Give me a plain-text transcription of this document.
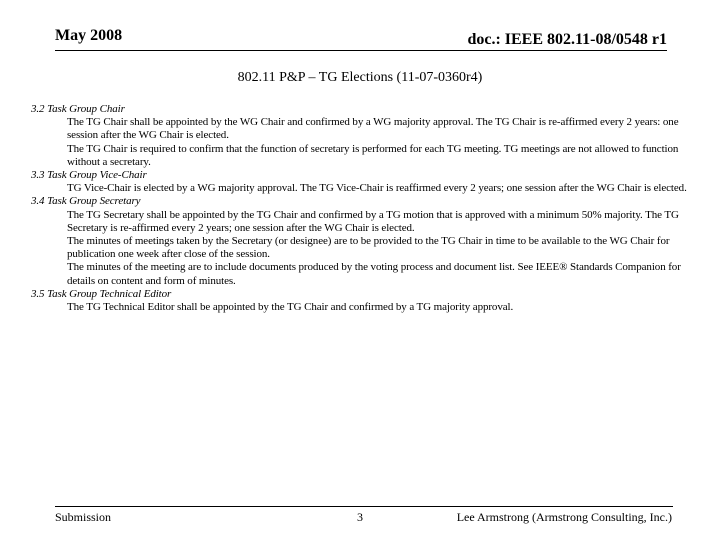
May 2008	doc.: IEEE 802.11-08/0548 r1
802.11 P&P – TG Elections (11-07-0360r4)
3.2 Task Group Chair
The TG Chair shall be appointed by the WG Chair and confirmed by a WG majority approval. The TG Chair is re-affirmed every 2 years: one session after the WG Chair is elected.
The TG Chair is required to confirm that the function of secretary is performed for each TG meeting. TG meetings are not allowed to function without a secretary.
3.3 Task Group Vice-Chair
TG Vice-Chair is elected by a WG majority approval. The TG Vice-Chair is reaffirmed every 2 years; one session after the WG Chair is elected.
3.4 Task Group Secretary
The TG Secretary shall be appointed by the TG Chair and confirmed by a TG motion that is approved with a minimum 50% majority. The TG Secretary is re-affirmed every 2 years; one session after the WG Chair is elected.
The minutes of meetings taken by the Secretary (or designee) are to be provided to the TG Chair in time to be available to the WG Chair for publication one week after close of the session.
The minutes of the meeting are to include documents produced by the voting process and document list. See IEEE® Standards Companion for details on content and form of minutes.
3.5 Task Group Technical Editor
The TG Technical Editor shall be appointed by the TG Chair and confirmed by a TG majority approval.
Submission	3	Lee Armstrong (Armstrong Consulting, Inc.)
